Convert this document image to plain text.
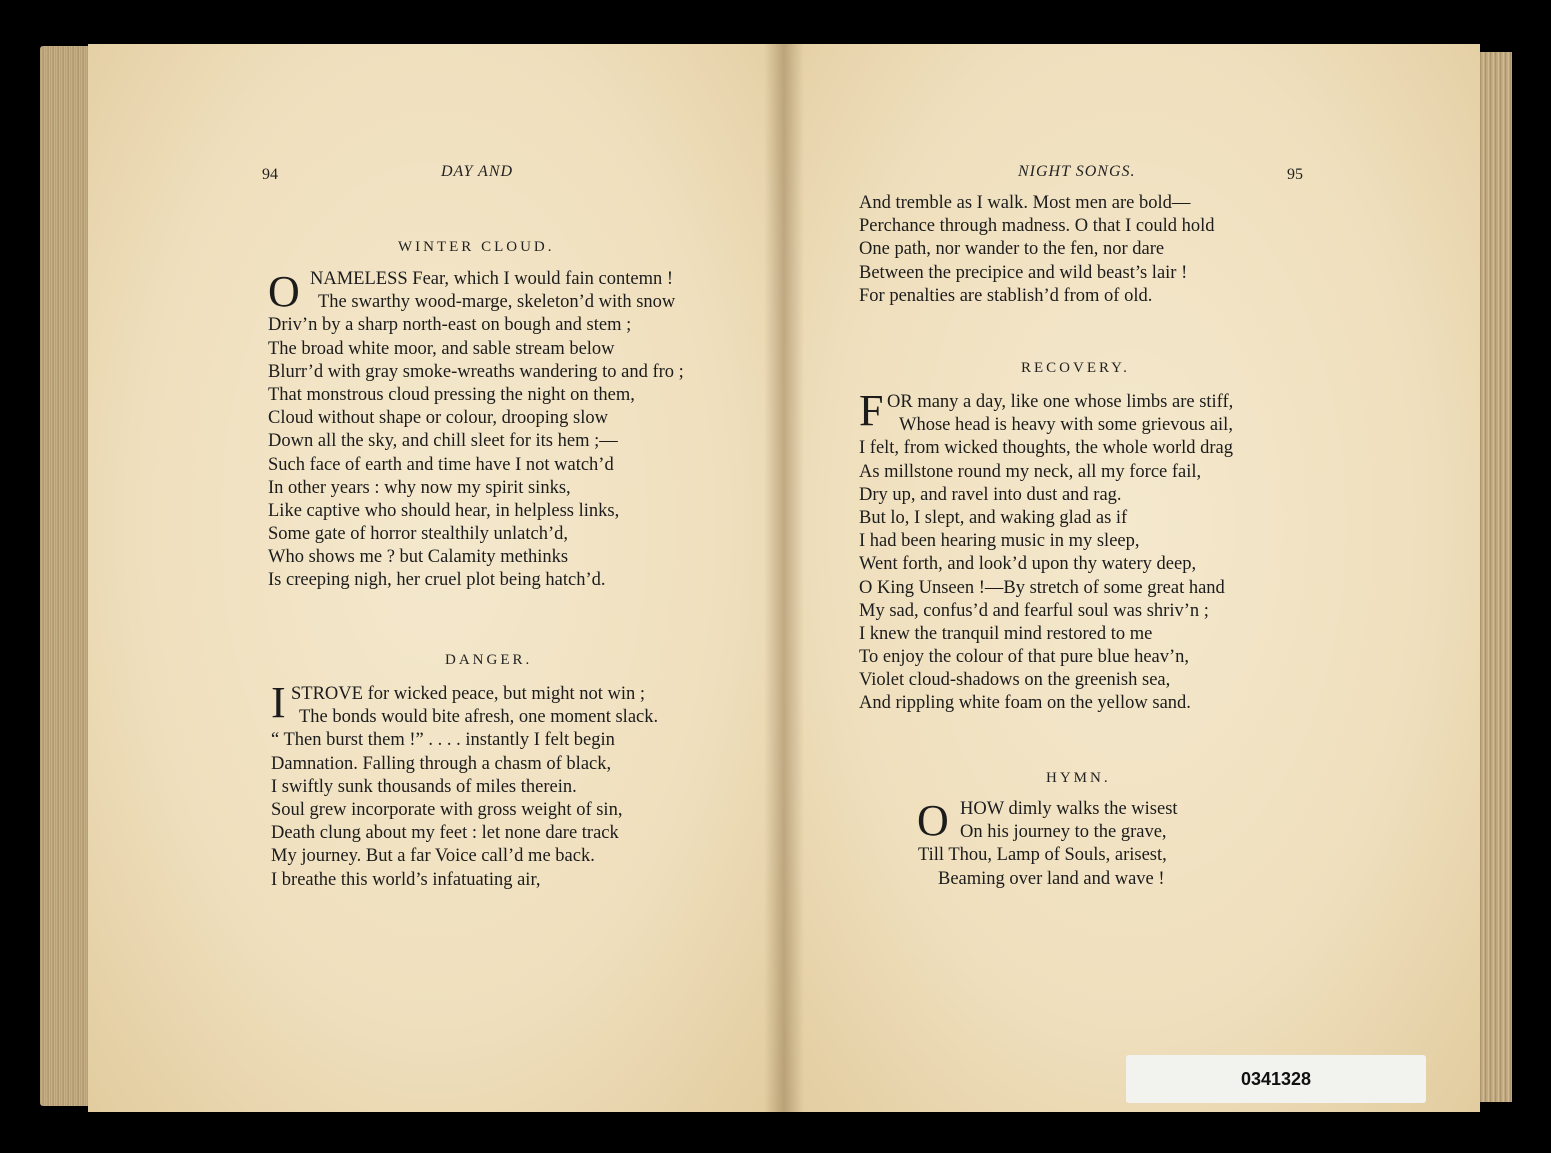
94	DAY AND
WINTER CLOUD.
O NAMELESS Fear, which I would fain contemn !
The swarthy wood-marge, skeleton’d with snow
Driv’n by a sharp north-east on bough and stem ;
The broad white moor, and sable stream below
Blurr’d with gray smoke-wreaths wandering to and fro ;
That monstrous cloud pressing the night on them,
Cloud without shape or colour, drooping slow
Down all the sky, and chill sleet for its hem ;—
Such face of earth and time have I not watch’d
In other years : why now my spirit sinks,
Like captive who should hear, in helpless links,
Some gate of horror stealthily unlatch’d,
Who shows me ? but Calamity methinks
Is creeping nigh, her cruel plot being hatch’d.
DANGER.
I STROVE for wicked peace, but might not win ;
The bonds would bite afresh, one moment slack.
“ Then burst them !” . . . . instantly I felt begin
Damnation. Falling through a chasm of black,
I swiftly sunk thousands of miles therein.
Soul grew incorporate with gross weight of sin,
Death clung about my feet : let none dare track
My journey. But a far Voice call’d me back.
I breathe this world’s infatuating air,
NIGHT SONGS.	95
And tremble as I walk. Most men are bold—
Perchance through madness. O that I could hold
One path, nor wander to the fen, nor dare
Between the precipice and wild beast’s lair !
For penalties are stablish’d from of old.
RECOVERY.
F OR many a day, like one whose limbs are stiff,
Whose head is heavy with some grievous ail,
I felt, from wicked thoughts, the whole world drag
As millstone round my neck, all my force fail,
Dry up, and ravel into dust and rag.
But lo, I slept, and waking glad as if
I had been hearing music in my sleep,
Went forth, and look’d upon thy watery deep,
O King Unseen !—By stretch of some great hand
My sad, confus’d and fearful soul was shriv’n ;
I knew the tranquil mind restored to me
To enjoy the colour of that pure blue heav’n,
Violet cloud-shadows on the greenish sea,
And rippling white foam on the yellow sand.
HYMN.
O HOW dimly walks the wisest
On his journey to the grave,
Till Thou, Lamp of Souls, arisest,
Beaming over land and wave !
0341328
